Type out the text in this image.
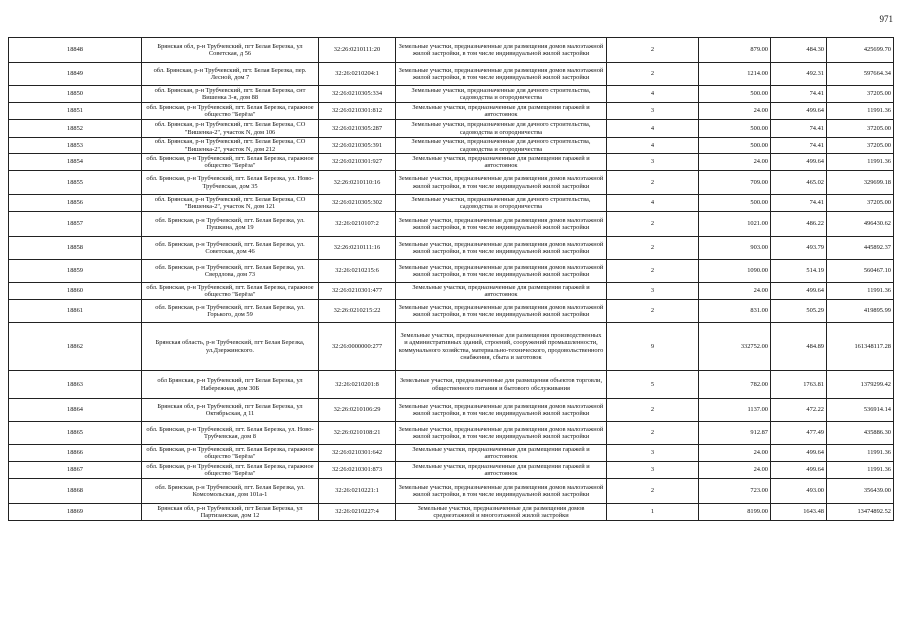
971
18848	Брянская обл, р-н Трубчевский, пгт Белая Березка, ул Советская, д 56	32:26:0210111:20	Земельные участки, предназначенные для размещения домов малоэтажной жилой застройки, в том числе индивидуальной жилой застройки	2	879.00	484.30	425699.70
18849	обл. Брянская, р-н Трубчевский, пгт. Белая Березка, пер. Лесной, дом 7	32:26:0210204:1	Земельные участки, предназначенные для размещения домов малоэтажной жилой застройки, в том числе индивидуальной жилой застройки	2	1214.00	492.31	597664.34
18850	обл. Брянская, р-н Трубчевский, пгт. Белая Березка, снт Вишенка 3-я, дом 88	32:26:0210305:334	Земельные участки, предназначенные для дачного строительства, садоводства и огородничества	4	500.00	74.41	37205.00
18851	обл. Брянская, р-н Трубчевский, пгт. Белая Березка, гаражное общество "Берёза"	32:26:0210301:812	Земельные участки, предназначенные для размещения гаражей и автостоянок	3	24.00	499.64	11991.36
18852	обл. Брянская, р-н Трубчевский, пгт. Белая Березка, СО "Вишенка-2", участок N, дом 106	32:26:0210305:287	Земельные участки, предназначенные для дачного строительства, садоводства и огородничества	4	500.00	74.41	37205.00
18853	обл. Брянская, р-н Трубчевский, пгт. Белая Березка, СО "Вишенка-2", участок N, дом 212	32:26:0210305:391	Земельные участки, предназначенные для дачного строительства, садоводства и огородничества	4	500.00	74.41	37205.00
18854	обл. Брянская, р-н Трубчевский, пгт. Белая Березка, гаражное общество "Берёза"	32:26:0210301:927	Земельные участки, предназначенные для размещения гаражей и автостоянок	3	24.00	499.64	11991.36
18855	обл. Брянская, р-н Трубчевский, пгт. Белая Березка, ул. Ново-Трубчевская, дом 35	32:26:0210110:16	Земельные участки, предназначенные для размещения домов малоэтажной жилой застройки, в том числе индивидуальной жилой застройки	2	709.00	465.02	329699.18
18856	обл. Брянская, р-н Трубчевский, пгт. Белая Березка, СО "Вишенка-2", участок N, дом 121	32:26:0210305:302	Земельные участки, предназначенные для дачного строительства, садоводства и огородничества	4	500.00	74.41	37205.00
18857	обл. Брянская, р-н Трубчевский, пгт. Белая Березка, ул. Пушкина, дом 19	32:26:0210107:2	Земельные участки, предназначенные для размещения домов малоэтажной жилой застройки, в том числе индивидуальной жилой застройки	2	1021.00	486.22	496430.62
18858	обл. Брянская, р-н Трубчевский, пгт. Белая Березка, ул. Советская, дом 46	32:26:0210111:16	Земельные участки, предназначенные для размещения домов малоэтажной жилой застройки, в том числе индивидуальной жилой застройки	2	903.00	493.79	445892.37
18859	обл. Брянская, р-н Трубчевский, пгт. Белая Березка, ул. Свердлова, дом 73	32:26:0210215:6	Земельные участки, предназначенные для размещения домов малоэтажной жилой застройки, в том числе индивидуальной жилой застройки	2	1090.00	514.19	560467.10
18860	обл. Брянская, р-н Трубчевский, пгт. Белая Березка, гаражное общество "Берёза"	32:26:0210301:477	Земельные участки, предназначенные для размещения гаражей и автостоянок	3	24.00	499.64	11991.36
18861	обл. Брянская, р-н Трубчевский, пгт. Белая Березка, ул. Горького, дом 59	32:26:0210215:22	Земельные участки, предназначенные для размещения домов малоэтажной жилой застройки, в том числе индивидуальной жилой застройки	2	831.00	505.29	419895.99
18862	Брянская область, р-н Трубчевский, пгт Белая Березка, ул.Дзержинского.	32:26:0000000:277	Земельные участки, предназначенные для размещения производственных и административных зданий, строений, сооружений промышленности, коммунального хозяйства, материально-технического, продовольственного снабжения, сбыта и заготовок	9	332752.00	484.89	161348117.28
18863	обл Брянская, р-н Трубчевский, пгт Белая Березка, ул Набережная, дом 30Б	32:26:0210201:8	Земельные участки, предназначенные для размещения объектов торговли, общественного питания и бытового обслуживания	5	782.00	1763.81	1379299.42
18864	Брянская обл, р-н Трубчевский, пгт Белая Березка, ул Октябрьская, д 11	32:26:0210106:29	Земельные участки, предназначенные для размещения домов малоэтажной жилой застройки, в том числе индивидуальной жилой застройки	2	1137.00	472.22	536914.14
18865	обл. Брянская, р-н Трубчевский, пгт. Белая Березка, ул. Ново-Трубчевская, дом 8	32:26:0210108:21	Земельные участки, предназначенные для размещения домов малоэтажной жилой застройки, в том числе индивидуальной жилой застройки	2	912.87	477.49	435886.30
18866	обл. Брянская, р-н Трубчевский, пгт. Белая Березка, гаражное общество "Берёза"	32:26:0210301:642	Земельные участки, предназначенные для размещения гаражей и автостоянок	3	24.00	499.64	11991.36
18867	обл. Брянская, р-н Трубчевский, пгт. Белая Березка, гаражное общество "Берёза"	32:26:0210301:873	Земельные участки, предназначенные для размещения гаражей и автостоянок	3	24.00	499.64	11991.36
18868	обл. Брянская, р-н Трубчевский, пгт. Белая Березка, ул. Комсомольская, дом 101а-1	32:26:0210221:1	Земельные участки, предназначенные для размещения домов малоэтажной жилой застройки, в том числе индивидуальной жилой застройки	2	723.00	493.00	356439.00
18869	Брянская обл, р-н Трубчевский, пгт Белая Березка, ул Партизанская, дом 12	32:26:0210227:4	Земельные участки, предназначенные для размещения домов среднеэтажной и многоэтажной жилой застройки	1	8199.00	1643.48	13474892.52
